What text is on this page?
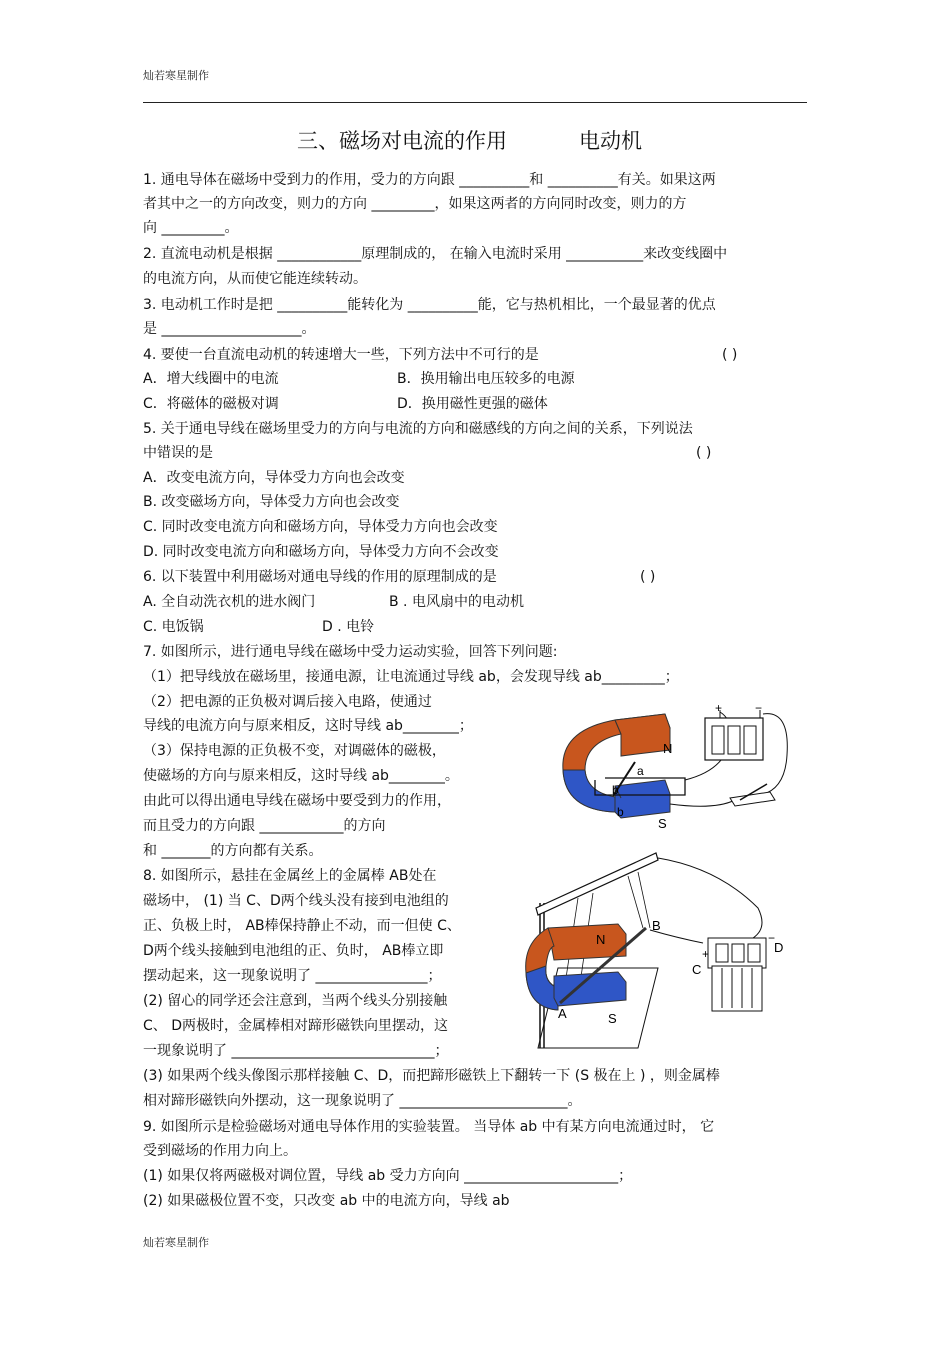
灿若寒星制作
三、磁场对电流的作用	电动机
1. 通电导体在磁场中受到力的作用，受力的方向跟 __________和 __________有关。如果这两
者其中之一的方向改变，则力的方向 _________，如果这两者的方向同时改变，则力的方
向 _________。
2. 直流电动机是根据 ____________原理制成的， 在输入电流时采用 ___________来改变线圈中
的电流方向，从而使它能连续转动。
3. 电动机工作时是把 __________能转化为 __________能，它与热机相比，一个最显著的优点
是 ____________________。
4. 要使一台直流电动机的转速增大一些，下列方法中不可行的是	( )
A．增大线圈中的电流	B．换用输出电压较多的电源
C．将磁体的磁极对调	D．换用磁性更强的磁体
5. 关于通电导线在磁场里受力的方向与电流的方向和磁感线的方向之间的关系，下列说法
中错误的是	( )
A．改变电流方向，导体受力方向也会改变
B. 改变磁场方向，导体受力方向也会改变
C. 同时改变电流方向和磁场方向，导体受力方向也会改变
D. 同时改变电流方向和磁场方向，导体受力方向不会改变
6. 以下装置中利用磁场对通电导线的作用的原理制成的是	( )
A. 全自动洗衣机的进水阀门	B . 电风扇中的电动机
C. 电饭锅	D . 电铃
7. 如图所示，进行通电导线在磁场中受力运动实验，回答下列问题:
（1）把导线放在磁场里，接通电源，让电流通过导线 ab，会发现导线 ab_________；
（2）把电源的正负极对调后接入电路，使通过
导线的电流方向与原来相反，这时导线 ab________；
（3）保持电源的正负极不变，对调磁体的磁极，
使磁场的方向与原来相反，这时导线 ab________。
由此可以得出通电导线在磁场中要受到力的作用，
而且受力的方向跟 ____________的方向
和 _______的方向都有关系。
8. 如图所示，悬挂在金属丝上的金属棒 AB处在
磁场中， (1) 当 C、D两个线头没有接到电池组的
正、负极上时， AB棒保持静止不动，而一但使 C、
D两个线头接触到电池组的正、负时， AB棒立即
摆动起来，这一现象说明了 ________________；
(2) 留心的同学还会注意到，当两个线头分别接触
C、 D两极时，金属棒相对蹄形磁铁向里摆动，这
一现象说明了 _____________________________；
(3) 如果两个线头像图示那样接触 C、D，而把蹄形磁铁上下翻转一下 (S 极在上 ) ，则金属棒
相对蹄形磁铁向外摆动，这一现象说明了 ________________________。
9. 如图所示是检验磁场对通电导体作用的实验装置。 当导体 ab 中有某方向电流通过时， 它
受到磁场的作用力向上。
(1) 如果仅将两磁极对调位置，导线 ab 受力方向向 ______________________；
(2) 如果磁极位置不变，只改变 ab 中的电流方向，导线 ab
灿若寒星制作
N
a
b
b
S
+	−
B
N
D
C
A	S
+
−
